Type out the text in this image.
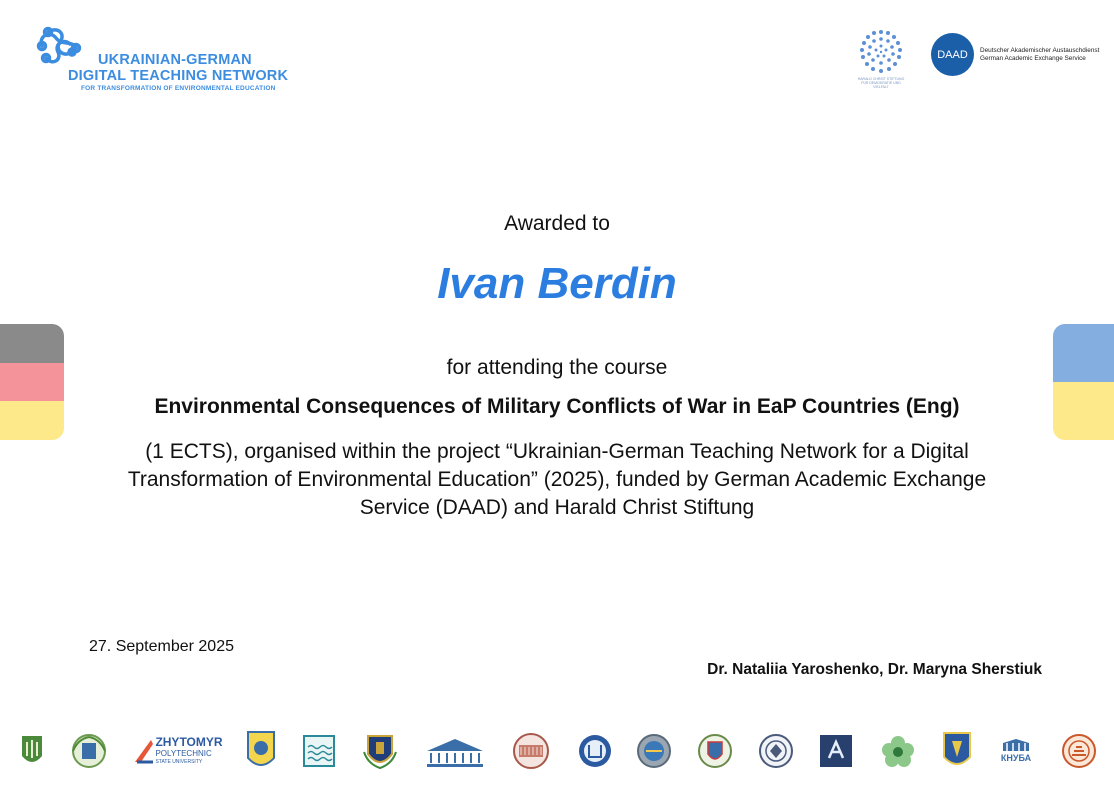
UKRAINIAN-GERMAN
DIGITAL TEACHING NETWORK
FOR TRANSFORMATION OF ENVIRONMENTAL EDUCATION
HARALD CHRIST STIFTUNG FÜR DEMOKRATIE UND VIELFALT
DAAD	Deutscher Akademischer Austauschdienst
German Academic Exchange Service
Awarded to
Ivan Berdin
for attending the course
Environmental Consequences of Military Conflicts of War in EaP Countries (Eng)
(1 ECTS), organised within the project “Ukrainian-German Teaching Network for a Digital Transformation of Environmental Education” (2025), funded by German Academic Exchange Service (DAAD) and Harald Christ Stiftung
27. September 2025
Dr. Nataliia Yaroshenko, Dr. Maryna Sherstiuk
ZHYTOMYR
POLYTECHNIC
STATE UNIVERSITY	КНУБА
